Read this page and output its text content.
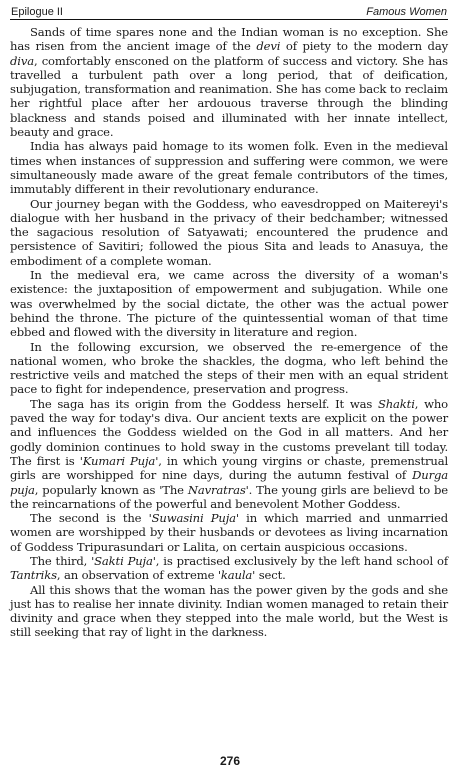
Epilogue II	Famous Women

Sands of time spares none and the Indian woman is no exception. She has risen from the ancient image of the devi of piety to the modern day diva, comfortably ensconed on the platform of success and victory. She has travelled a turbulent path over a long period, that of deification, subjugation, transformation and reanimation. She has come back to reclaim her rightful place after her ardouous traverse through the blinding blackness and stands poised and illuminated with her innate intellect, beauty and grace.

India has always paid homage to its women folk. Even in the medieval times when instances of suppression and suffering were common, we were simultaneously made aware of the great female contributors of the times, immutably different in their revolutionary endurance.

Our journey began with the Goddess, who eavesdropped on Maitereyi's dialogue with her husband in the privacy of their bedchamber; witnessed the sagacious resolution of Satyawati; encountered the prudence and persistence of Savitiri; followed the pious Sita and leads to Anasuya, the embodiment of a complete woman.

In the medieval era, we came across the diversity of a woman's existence: the juxtaposition of empowerment and subjugation. While one was overwhelmed by the social dictate, the other was the actual power behind the throne. The picture of the quintessential woman of that time ebbed and flowed with the diversity in literature and region.

In the following excursion, we observed the re-emergence of the national women, who broke the shackles, the dogma, who left behind the restrictive veils and matched the steps of their men with an equal strident pace to fight for independence, preservation and progress.

The saga has its origin from the Goddess herself. It was Shakti, who paved the way for today's diva. Our ancient texts are explicit on the power and influences the Goddess wielded on the God in all matters. And her godly dominion continues to hold sway in the customs prevelant till today. The first is 'Kumari Puja', in which young virgins or chaste, premenstrual girls are worshipped for nine days, during the autumn festival of Durga puja, popularly known as 'The Navratras'. The young girls are believd to be the reincarnations of the powerful and benevolent Mother Goddess.

The second is the 'Suwasini Puja' in which married and unmarried women are worshipped by their husbands or devotees as living incarnation of Goddess Tripurasundari or Lalita, on certain auspicious occasions.

The third, 'Sakti Puja', is practised exclusively by the left hand school of Tantriks, an observation of extreme 'kaula' sect.

All this shows that the woman has the power given by the gods and she just has to realise her innate divinity. Indian women managed to retain their divinity and grace when they stepped into the male world, but the West is still seeking that ray of light in the darkness.

276
